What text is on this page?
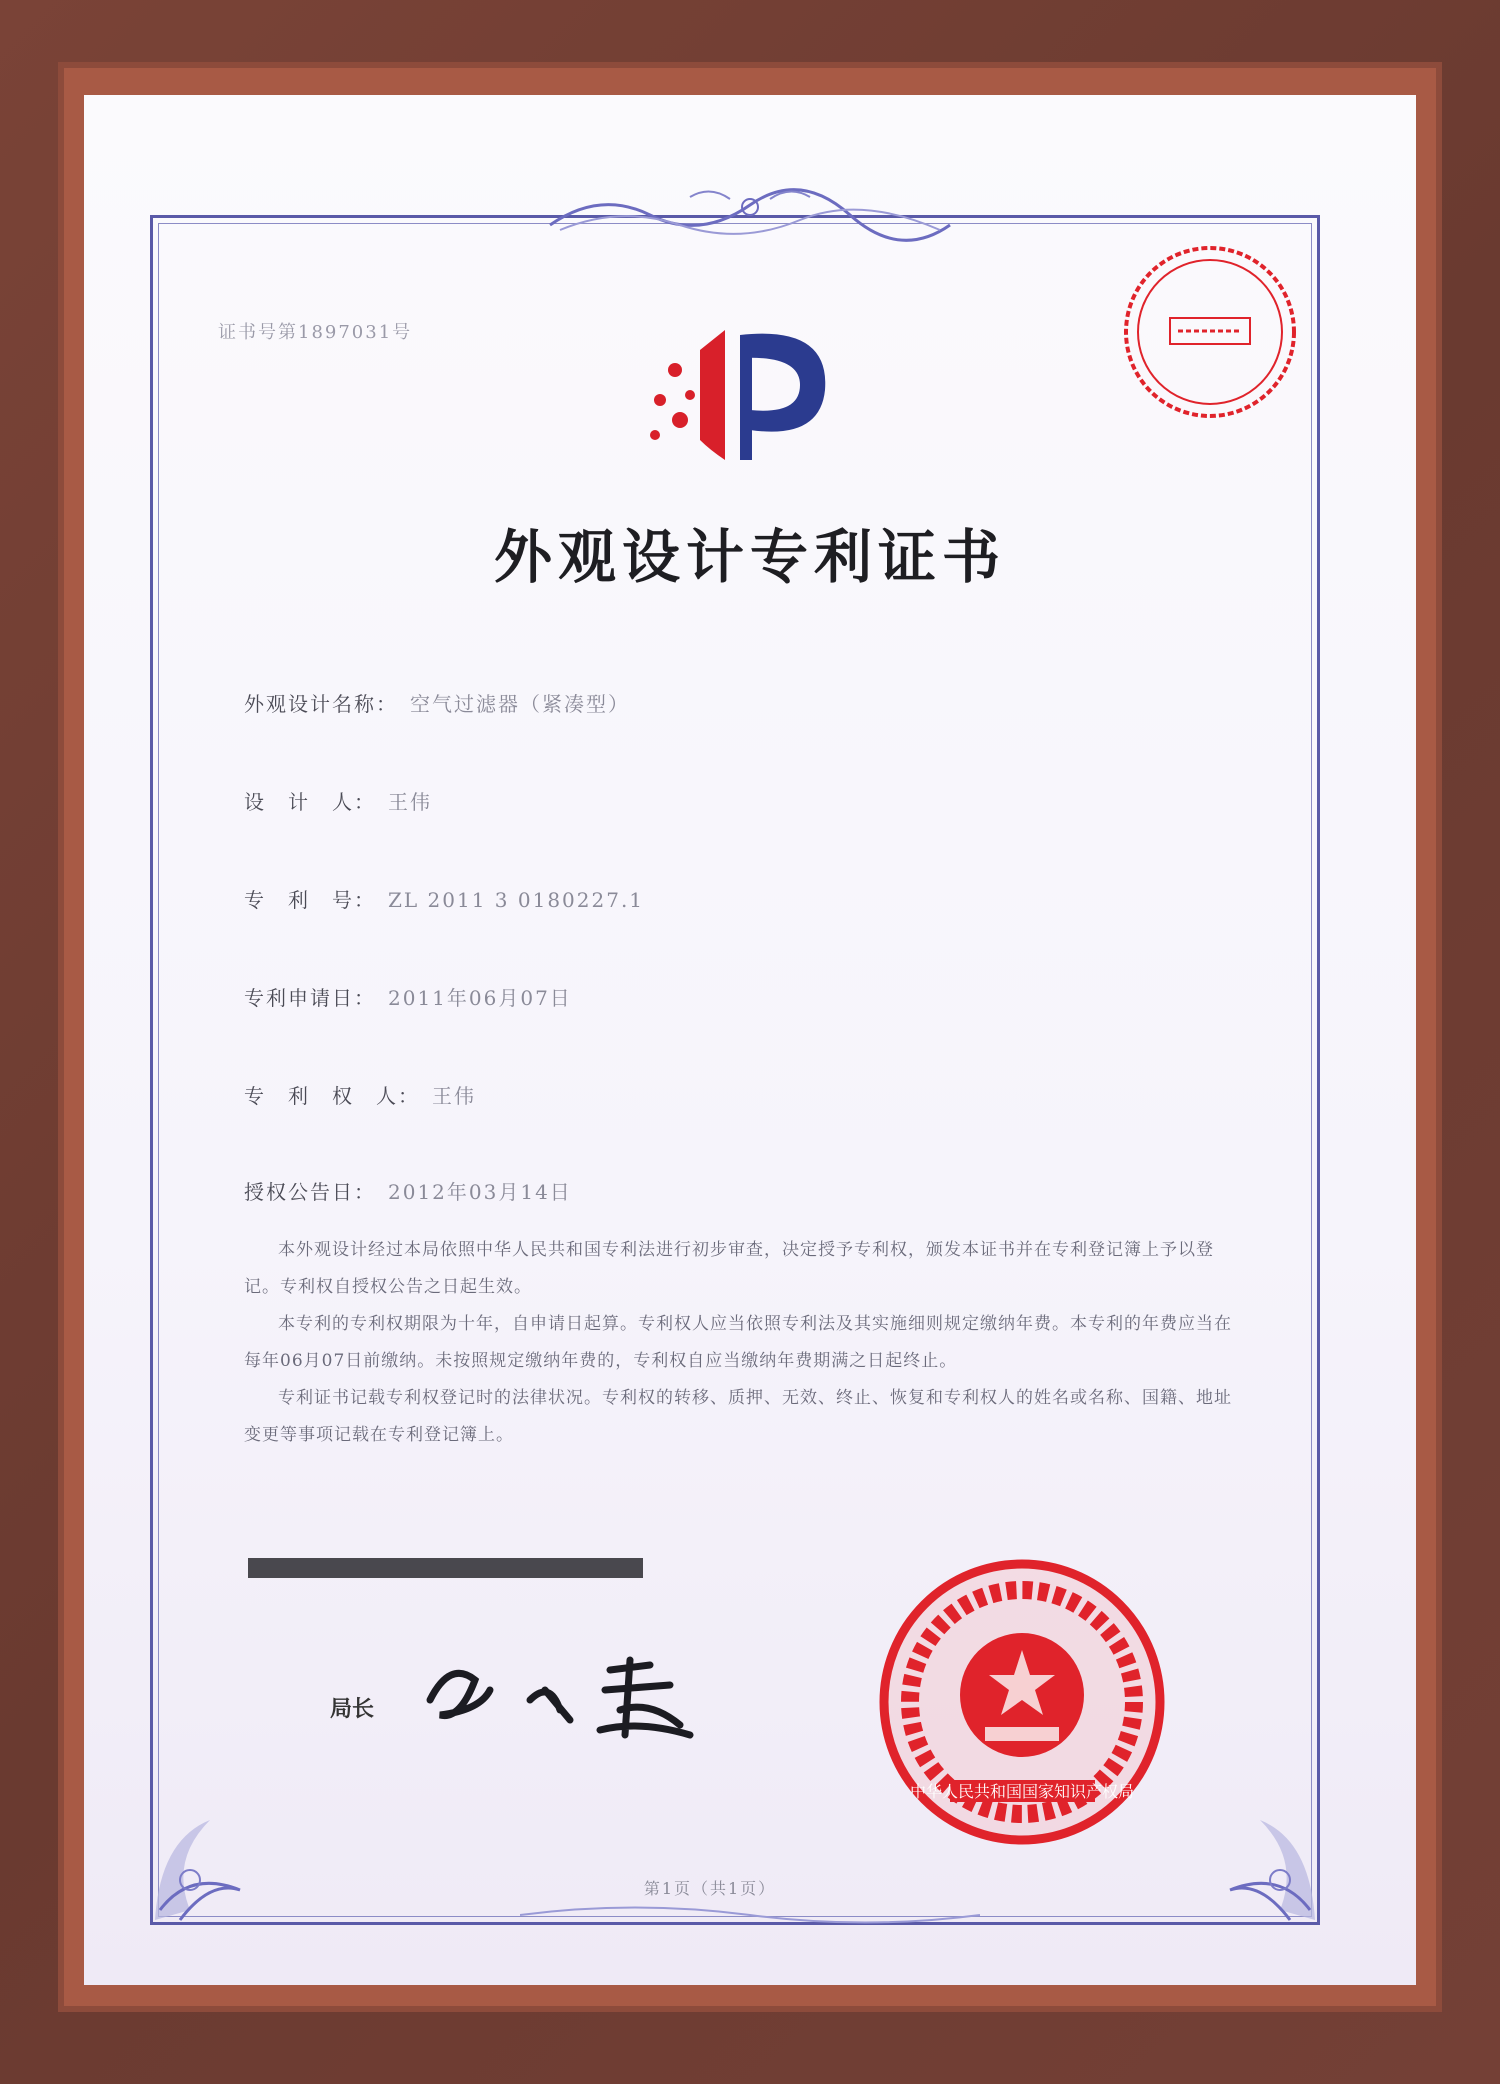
证书号第1897031号
外观设计专利证书
外观设计名称： 空气过滤器（紧凑型）
设　计　人： 王伟
专　利　号： ZL 2011 3 0180227.1
专利申请日： 2011年06月07日
专　利　权　人： 王伟
授权公告日： 2012年03月14日

本外观设计经过本局依照中华人民共和国专利法进行初步审查，决定授予专利权，颁发本证书并在专利登记簿上予以登记。专利权自授权公告之日起生效。

本专利的专利权期限为十年，自申请日起算。专利权人应当依照专利法及其实施细则规定缴纳年费。本专利的年费应当在每年06月07日前缴纳。未按照规定缴纳年费的，专利权自应当缴纳年费期满之日起终止。

专利证书记载专利权登记时的法律状况。专利权的转移、质押、无效、终止、恢复和专利权人的姓名或名称、国籍、地址变更等事项记载在专利登记簿上。

局长
中华人民共和国国家知识产权局
第1页（共1页）
